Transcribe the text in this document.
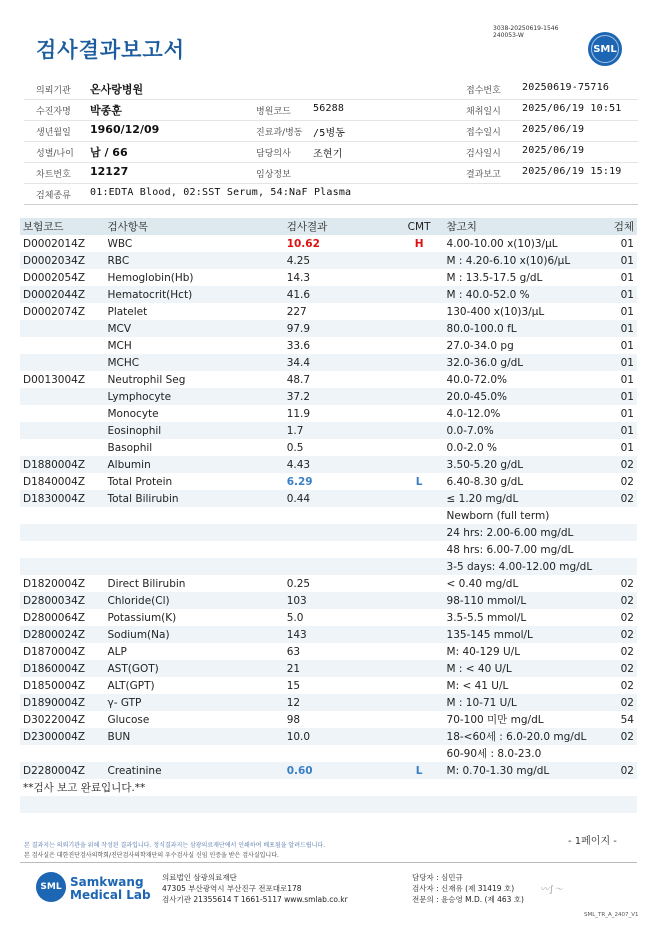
검사결과보고서
3038-20250619-1546
240053-W
SML
의뢰기관 온사랑병원	접수번호 20250619-75716
수진자명 박종훈	병원코드 56288	채취일시 2025/06/19 10:51
생년월일 1960/12/09	진료과/병동 /5병동	접수일시 2025/06/19
성별/나이 남 / 66	담당의사 조현기	검사일시 2025/06/19
차트번호 12127	임상정보	결과보고 2025/06/19 15:19
검체종류 01:EDTA Blood, 02:SST Serum, 54:NaF Plasma
보험코드	검사항목	검사결과	CMT	참고치	검체
D0002014Z	WBC	10.62	H	4.00-10.00 x(10)3/μL	01
D0002034Z	RBC	4.25		M : 4.20-6.10 x(10)6/μL	01
D0002054Z	Hemoglobin(Hb)	14.3		M : 13.5-17.5 g/dL	01
D0002044Z	Hematocrit(Hct)	41.6		M : 40.0-52.0 %	01
D0002074Z	Platelet	227		130-400 x(10)3/μL	01
	MCV	97.9		80.0-100.0 fL	01
	MCH	33.6		27.0-34.0 pg	01
	MCHC	34.4		32.0-36.0 g/dL	01
D0013004Z	Neutrophil Seg	48.7		40.0-72.0%	01
	Lymphocyte	37.2		20.0-45.0%	01
	Monocyte	11.9		4.0-12.0%	01
	Eosinophil	1.7		0.0-7.0%	01
	Basophil	0.5		0.0-2.0 %	01
D1880004Z	Albumin	4.43		3.50-5.20 g/dL	02
D1840004Z	Total Protein	6.29	L	6.40-8.30 g/dL	02
D1830004Z	Total Bilirubin	0.44		≤ 1.20 mg/dL	02
				Newborn (full term)	
				24 hrs: 2.00-6.00 mg/dL	
				48 hrs: 6.00-7.00 mg/dL	
				3-5 days: 4.00-12.00 mg/dL	
D1820004Z	Direct Bilirubin	0.25		< 0.40 mg/dL	02
D2800034Z	Chloride(Cl)	103		98-110 mmol/L	02
D2800064Z	Potassium(K)	5.0		3.5-5.5 mmol/L	02
D2800024Z	Sodium(Na)	143		135-145 mmol/L	02
D1870004Z	ALP	63		M: 40-129 U/L	02
D1860004Z	AST(GOT)	21		M : < 40 U/L	02
D1850004Z	ALT(GPT)	15		M: < 41 U/L	02
D1890004Z	γ- GTP	12		M : 10-71 U/L	02
D3022004Z	Glucose	98		70-100 미만 mg/dL	54
D2300004Z	BUN	10.0		18-<60세 : 6.0-20.0 mg/dL	02
				60-90세 : 8.0-23.0	
D2280004Z	Creatinine	0.60	L	M: 0.70-1.30 mg/dL	02
**검사 보고 완료입니다.**					
본 결과지는 의뢰기관을 위해 작성된 결과입니다. 정식결과지는 삼광의료재단에서 인쇄하여 배포됨을 알려드립니다.
본 검사실은 대한진단검사의학회/진단검사의학재단의 우수검사실 신임 인증을 받은 검사실입니다.
- 1페이지 -
SML Samkwang
Medical Lab
의료법인 삼광의료재단
47305 부산광역시 부산진구 전포대로178
검사기관 21355614 T 1661-5117 www.smlab.co.kr
담당자 : 심민규
검사자 : 신재유 (제 31419 호)
전문의 : 윤승영 M.D. (제 463 호)
〰∫〜
SML_TR_A_2407_V1
